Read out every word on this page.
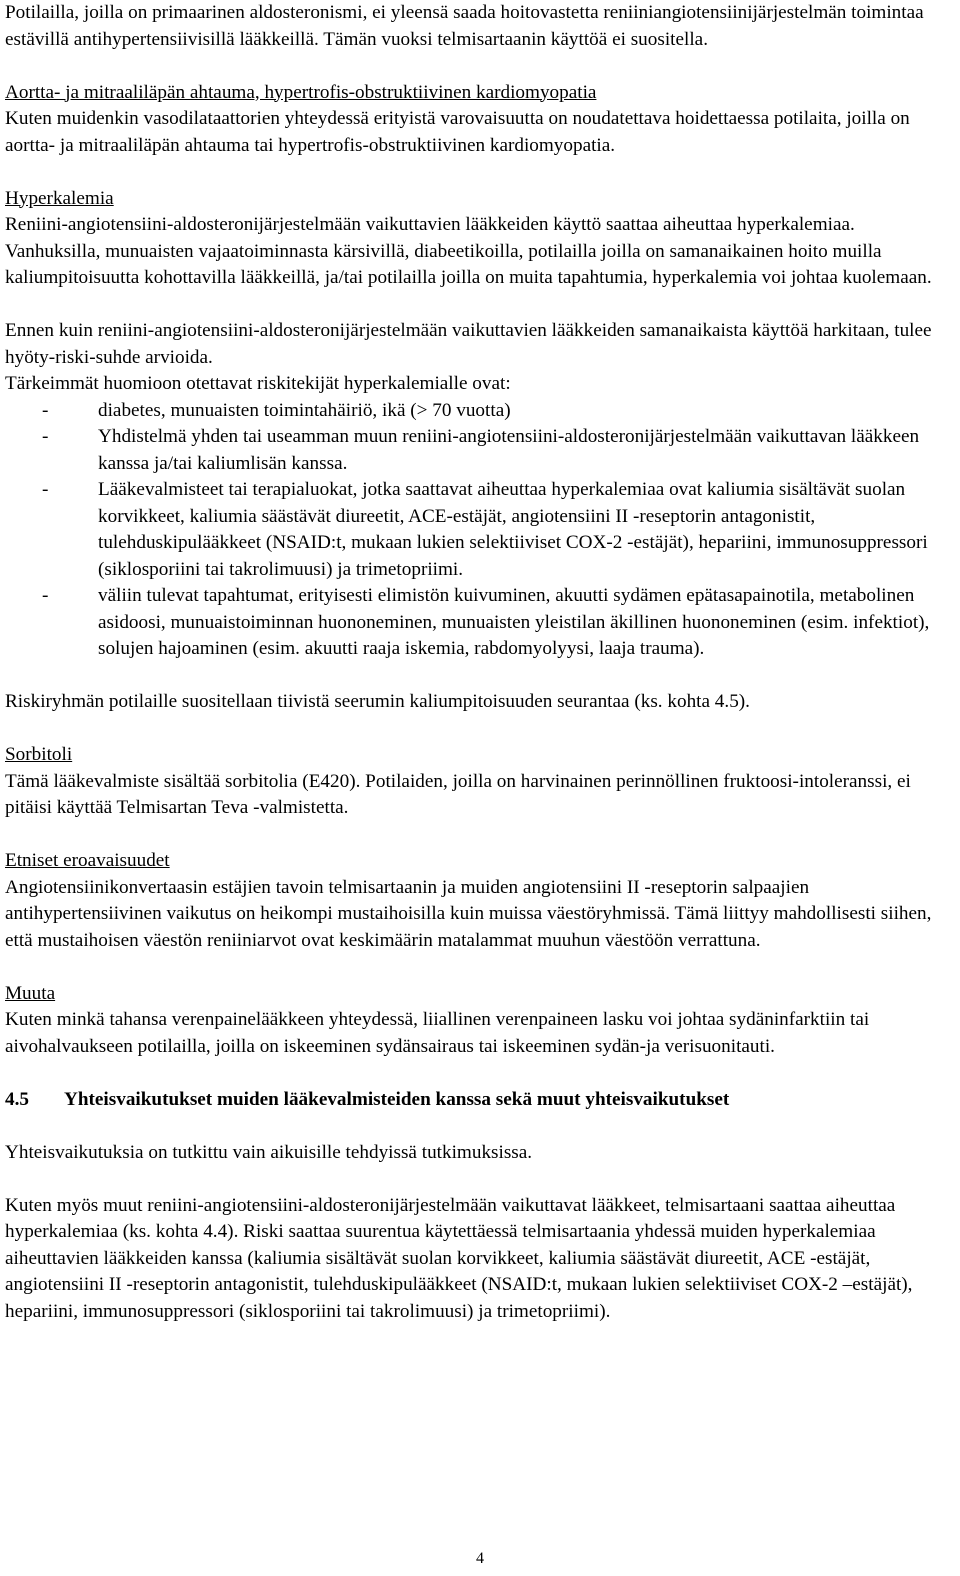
Potilailla, joilla on primaarinen aldosteronismi, ei yleensä saada hoitovastetta reniiniangiotensiinijärjestelmän toimintaa estävillä antihypertensiivisillä lääkkeillä. Tämän vuoksi telmisartaanin käyttöä ei suositella.

Aortta- ja mitraaliläpän ahtauma, hypertrofis-obstruktiivinen kardiomyopatia

Kuten muidenkin vasodilataattorien yhteydessä erityistä varovaisuutta on noudatettava hoidettaessa potilaita, joilla on aortta- ja mitraaliläpän ahtauma tai hypertrofis-obstruktiivinen kardiomyopatia.

Hyperkalemia

Reniini-angiotensiini-aldosteronijärjestelmään vaikuttavien lääkkeiden käyttö saattaa aiheuttaa hyperkalemiaa.

Vanhuksilla, munuaisten vajaatoiminnasta kärsivillä, diabeetikoilla, potilailla joilla on samanaikainen hoito muilla kaliumpitoisuutta kohottavilla lääkkeillä, ja/tai potilailla joilla on muita tapahtumia, hyperkalemia voi johtaa kuolemaan.

Ennen kuin reniini-angiotensiini-aldosteronijärjestelmään vaikuttavien lääkkeiden samanaikaista käyttöä harkitaan, tulee hyöty-riski-suhde arvioida.

Tärkeimmät huomioon otettavat riskitekijät hyperkalemialle ovat:

-	diabetes, munuaisten toimintahäiriö, ikä (> 70 vuotta)
-	Yhdistelmä yhden tai useamman muun reniini-angiotensiini-aldosteronijärjestelmään vaikuttavan lääkkeen kanssa ja/tai kaliumlisän kanssa.
-	Lääkevalmisteet tai terapialuokat, jotka saattavat aiheuttaa hyperkalemiaa ovat kaliumia sisältävät suolan korvikkeet, kaliumia säästävät diureetit, ACE-estäjät, angiotensiini II -reseptorin antagonistit, tulehduskipulääkkeet (NSAID:t, mukaan lukien selektiiviset COX-2 -estäjät), hepariini, immunosuppressori (siklosporiini tai takrolimuusi) ja trimetopriimi.
-	väliin tulevat tapahtumat, erityisesti elimistön kuivuminen, akuutti sydämen epätasapainotila, metabolinen asidoosi, munuaistoiminnan huononeminen, munuaisten yleistilan äkillinen huononeminen (esim. infektiot), solujen hajoaminen (esim. akuutti raaja iskemia, rabdomyolyysi, laaja trauma).

Riskiryhmän potilaille suositellaan tiivistä seerumin kaliumpitoisuuden seurantaa (ks. kohta 4.5).

Sorbitoli

Tämä lääkevalmiste sisältää sorbitolia (E420). Potilaiden, joilla on harvinainen perinnöllinen fruktoosi-intoleranssi, ei pitäisi käyttää Telmisartan Teva -valmistetta.

Etniset eroavaisuudet

Angiotensiinikonvertaasin estäjien tavoin telmisartaanin ja muiden angiotensiini II -reseptorin salpaajien antihypertensiivinen vaikutus on heikompi mustaihoisilla kuin muissa väestöryhmissä. Tämä liittyy mahdollisesti siihen, että mustaihoisen väestön reniiniarvot ovat keskimäärin matalammat muuhun väestöön verrattuna.

Muuta

Kuten minkä tahansa verenpainelääkkeen yhteydessä, liiallinen verenpaineen lasku voi johtaa sydäninfarktiin tai aivohalvaukseen potilailla, joilla on iskeeminen sydänsairaus tai iskeeminen sydän-ja verisuonitauti.

4.5	Yhteisvaikutukset muiden lääkevalmisteiden kanssa sekä muut yhteisvaikutukset

Yhteisvaikutuksia on tutkittu vain aikuisille tehdyissä tutkimuksissa.

Kuten myös muut reniini-angiotensiini-aldosteronijärjestelmään vaikuttavat lääkkeet, telmisartaani saattaa aiheuttaa hyperkalemiaa (ks. kohta 4.4). Riski saattaa suurentua käytettäessä telmisartaania yhdessä muiden hyperkalemiaa aiheuttavien lääkkeiden kanssa (kaliumia sisältävät suolan korvikkeet, kaliumia säästävät diureetit, ACE -estäjät, angiotensiini II -reseptorin antagonistit, tulehduskipulääkkeet (NSAID:t, mukaan lukien selektiiviset COX-2 –estäjät), hepariini, immunosuppressori (siklosporiini tai takrolimuusi) ja trimetopriimi).

4
